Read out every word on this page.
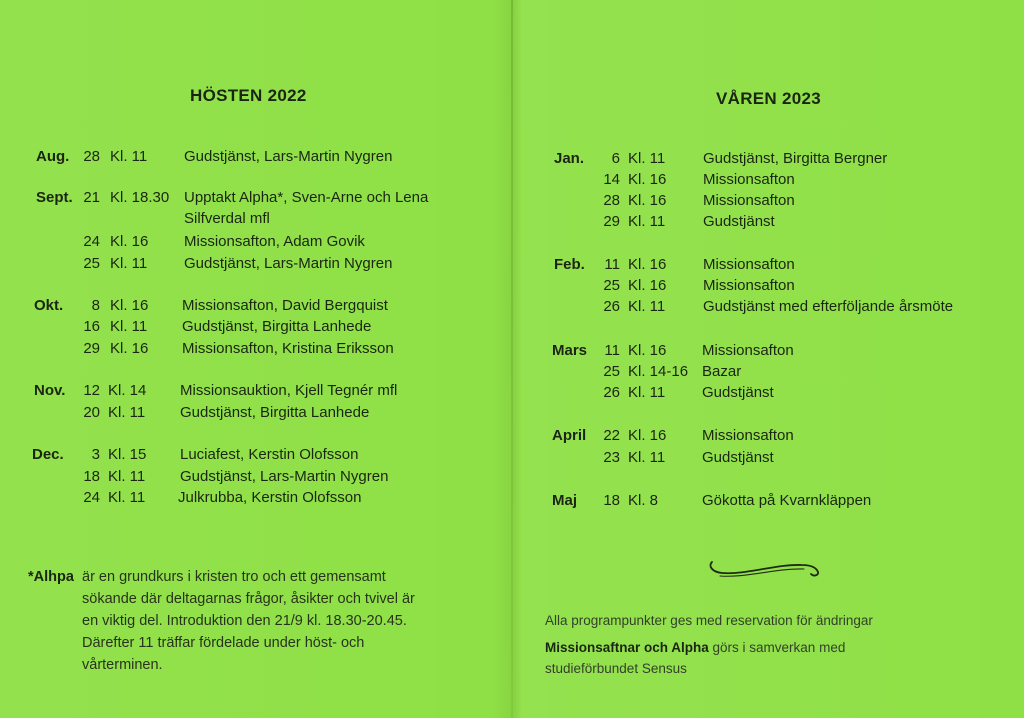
HÖSTEN 2022
Aug. 28 Kl. 11 Gudstjänst, Lars-Martin Nygren
Sept. 21 Kl. 18.30 Upptakt Alpha*, Sven-Arne och Lena
Silfverdal mfl
24 Kl. 16 Missionsafton, Adam Govik
25 Kl. 11 Gudstjänst, Lars-Martin Nygren
Okt.	8 Kl. 16 Missionsafton, David Bergquist
16 Kl. 11 Gudstjänst, Birgitta Lanhede
29 Kl. 16 Missionsafton, Kristina Eriksson
Nov.	12 Kl. 14 Missionsauktion, Kjell Tegnér mfl
20 Kl. 11 Gudstjänst, Birgitta Lanhede
Dec.	3 Kl. 15 Luciafest, Kerstin Olofsson
18 Kl. 11 Gudstjänst, Lars-Martin Nygren
24 Kl. 11 Julkrubba, Kerstin Olofsson
*Alhpa är en grundkurs i kristen tro och ett gemensamt
sökande där deltagarnas frågor, åsikter och tvivel är
en viktig del. Introduktion den 21/9 kl. 18.30-20.45.
Därefter 11 träffar fördelade under höst- och
vårterminen.
VÅREN 2023
Jan.	6 Kl. 11	Gudstjänst, Birgitta Bergner
14 Kl. 16 Missionsafton
28 Kl. 16 Missionsafton
29 Kl. 11	Gudstjänst
Feb.	11 Kl. 16 Missionsafton
25 Kl. 16 Missionsafton
26 Kl. 11	Gudstjänst med efterföljande årsmöte
Mars	11 Kl. 16 Missionsafton
25 Kl. 14-16 Bazar
26 Kl. 11 Gudstjänst
April	22 Kl. 16 Missionsafton
23 Kl. 11 Gudstjänst
Maj	18 Kl. 8	Gökotta på Kvarnkläppen
Alla programpunkter ges med reservation för ändringar
Missionsaftnar och Alpha görs i samverkan med
studieförbundet Sensus
